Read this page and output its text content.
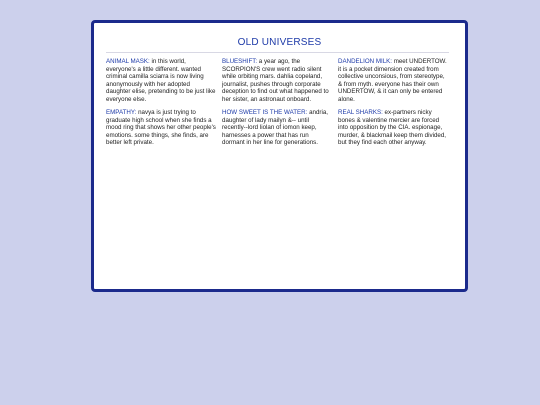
OLD UNIVERSES
ANIMAL MASK: in this world, everyone's a little different. wanted criminal camilla sciarra is now living anonymously with her adopted daughter elise, pretending to be just like everyone else.
BLUESHIFT: a year ago, the SCORPION'S crew went radio silent while orbiting mars. dahlia copeland, journalist, pushes through corporate deception to find out what happened to her sister, an astronaut onboard.
DANDELION MILK: meet UNDERTOW. it is a pocket dimension created from collective unconsious, from stereotype, & from myth. everyone has their own UNDERTOW, & it can only be entered alone.
EMPATHY: navya is just trying to graduate high school when she finds a mood ring that shows her other people's emotions. some things, she finds, are better left private.
HOW SWEET IS THE WATER: andria, daughter of lady mailyn &-- until recently--lord liolan of iomon keep, harnesses a power that has run dormant in her line for generations.
REAL SHARKS: ex-partners nicky bones & valentine mercier are forced into opposition by the CIA. espionage, murder, & blackmail keep them divided, but they find each other anyway.
